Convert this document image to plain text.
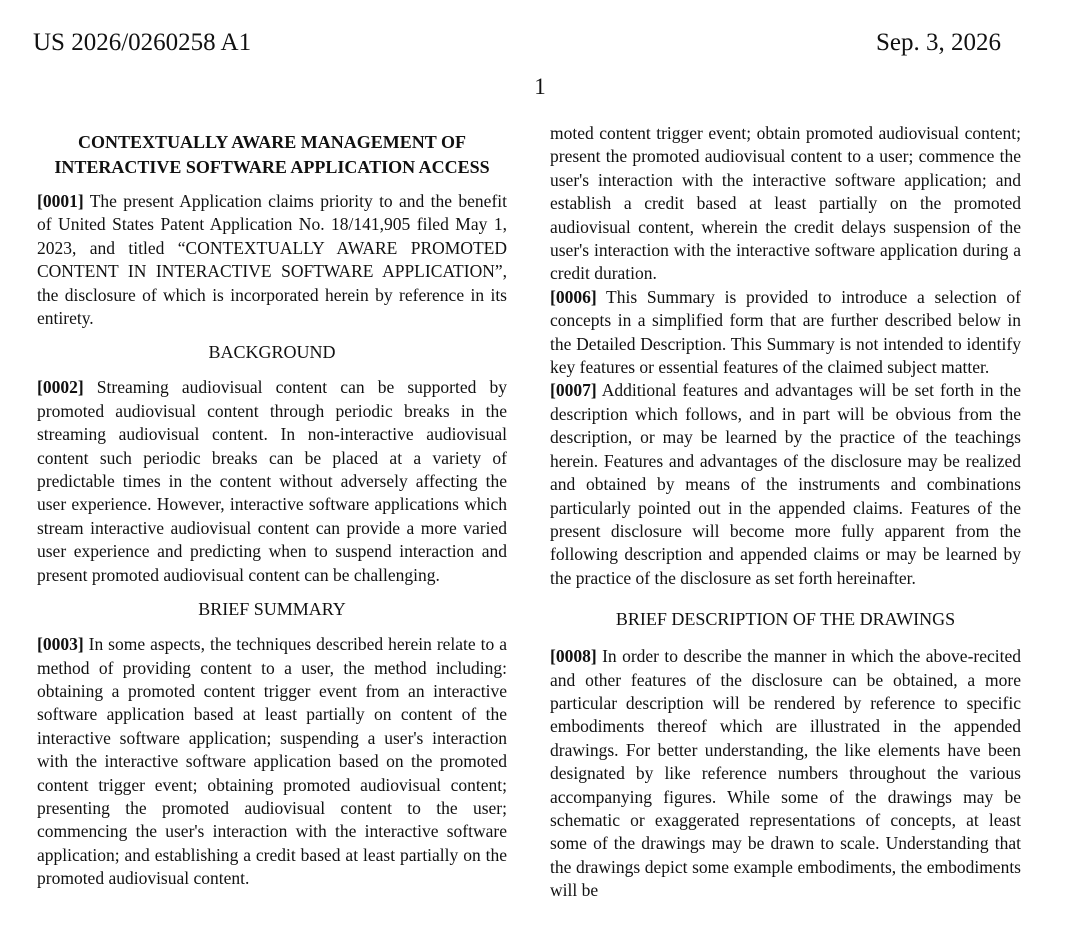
US 2026/0260258 A1	Sep. 3, 2026
1
CONTEXTUALLY AWARE MANAGEMENT OF INTERACTIVE SOFTWARE APPLICATION ACCESS

[0001] The present Application claims priority to and the benefit of United States Patent Application No. 18/141,905 filed May 1, 2023, and titled “CONTEXTUALLY AWARE PROMOTED CONTENT IN INTERACTIVE SOFTWARE APPLICATION”, the disclosure of which is incorporated herein by reference in its entirety.

BACKGROUND

[0002] Streaming audiovisual content can be supported by promoted audiovisual content through periodic breaks in the streaming audiovisual content. In non-interactive audiovisual content such periodic breaks can be placed at a variety of predictable times in the content without adversely affecting the user experience. However, interactive software applications which stream interactive audiovisual content can provide a more varied user experience and predicting when to suspend interaction and present promoted audiovisual content can be challenging.

BRIEF SUMMARY

[0003] In some aspects, the techniques described herein relate to a method of providing content to a user, the method including: obtaining a promoted content trigger event from an interactive software application based at least partially on content of the interactive software application; suspending a user's interaction with the interactive software application based on the promoted content trigger event; obtaining promoted audiovisual content; presenting the promoted audiovisual content to the user; commencing the user's interaction with the interactive software application; and establishing a credit based at least partially on the promoted audiovisual content.

moted content trigger event; obtain promoted audiovisual content; present the promoted audiovisual content to a user; commence the user's interaction with the interactive software application; and establish a credit based at least partially on the promoted audiovisual content, wherein the credit delays suspension of the user's interaction with the interactive software application during a credit duration.

[0006] This Summary is provided to introduce a selection of concepts in a simplified form that are further described below in the Detailed Description. This Summary is not intended to identify key features or essential features of the claimed subject matter.

[0007] Additional features and advantages will be set forth in the description which follows, and in part will be obvious from the description, or may be learned by the practice of the teachings herein. Features and advantages of the disclosure may be realized and obtained by means of the instruments and combinations particularly pointed out in the appended claims. Features of the present disclosure will become more fully apparent from the following description and appended claims or may be learned by the practice of the disclosure as set forth hereinafter.

BRIEF DESCRIPTION OF THE DRAWINGS

[0008] In order to describe the manner in which the above-recited and other features of the disclosure can be obtained, a more particular description will be rendered by reference to specific embodiments thereof which are illustrated in the appended drawings. For better understanding, the like elements have been designated by like reference numbers throughout the various accompanying figures. While some of the drawings may be schematic or exaggerated representations of concepts, at least some of the drawings may be drawn to scale. Understanding that the drawings depict some example embodiments, the embodiments will be
